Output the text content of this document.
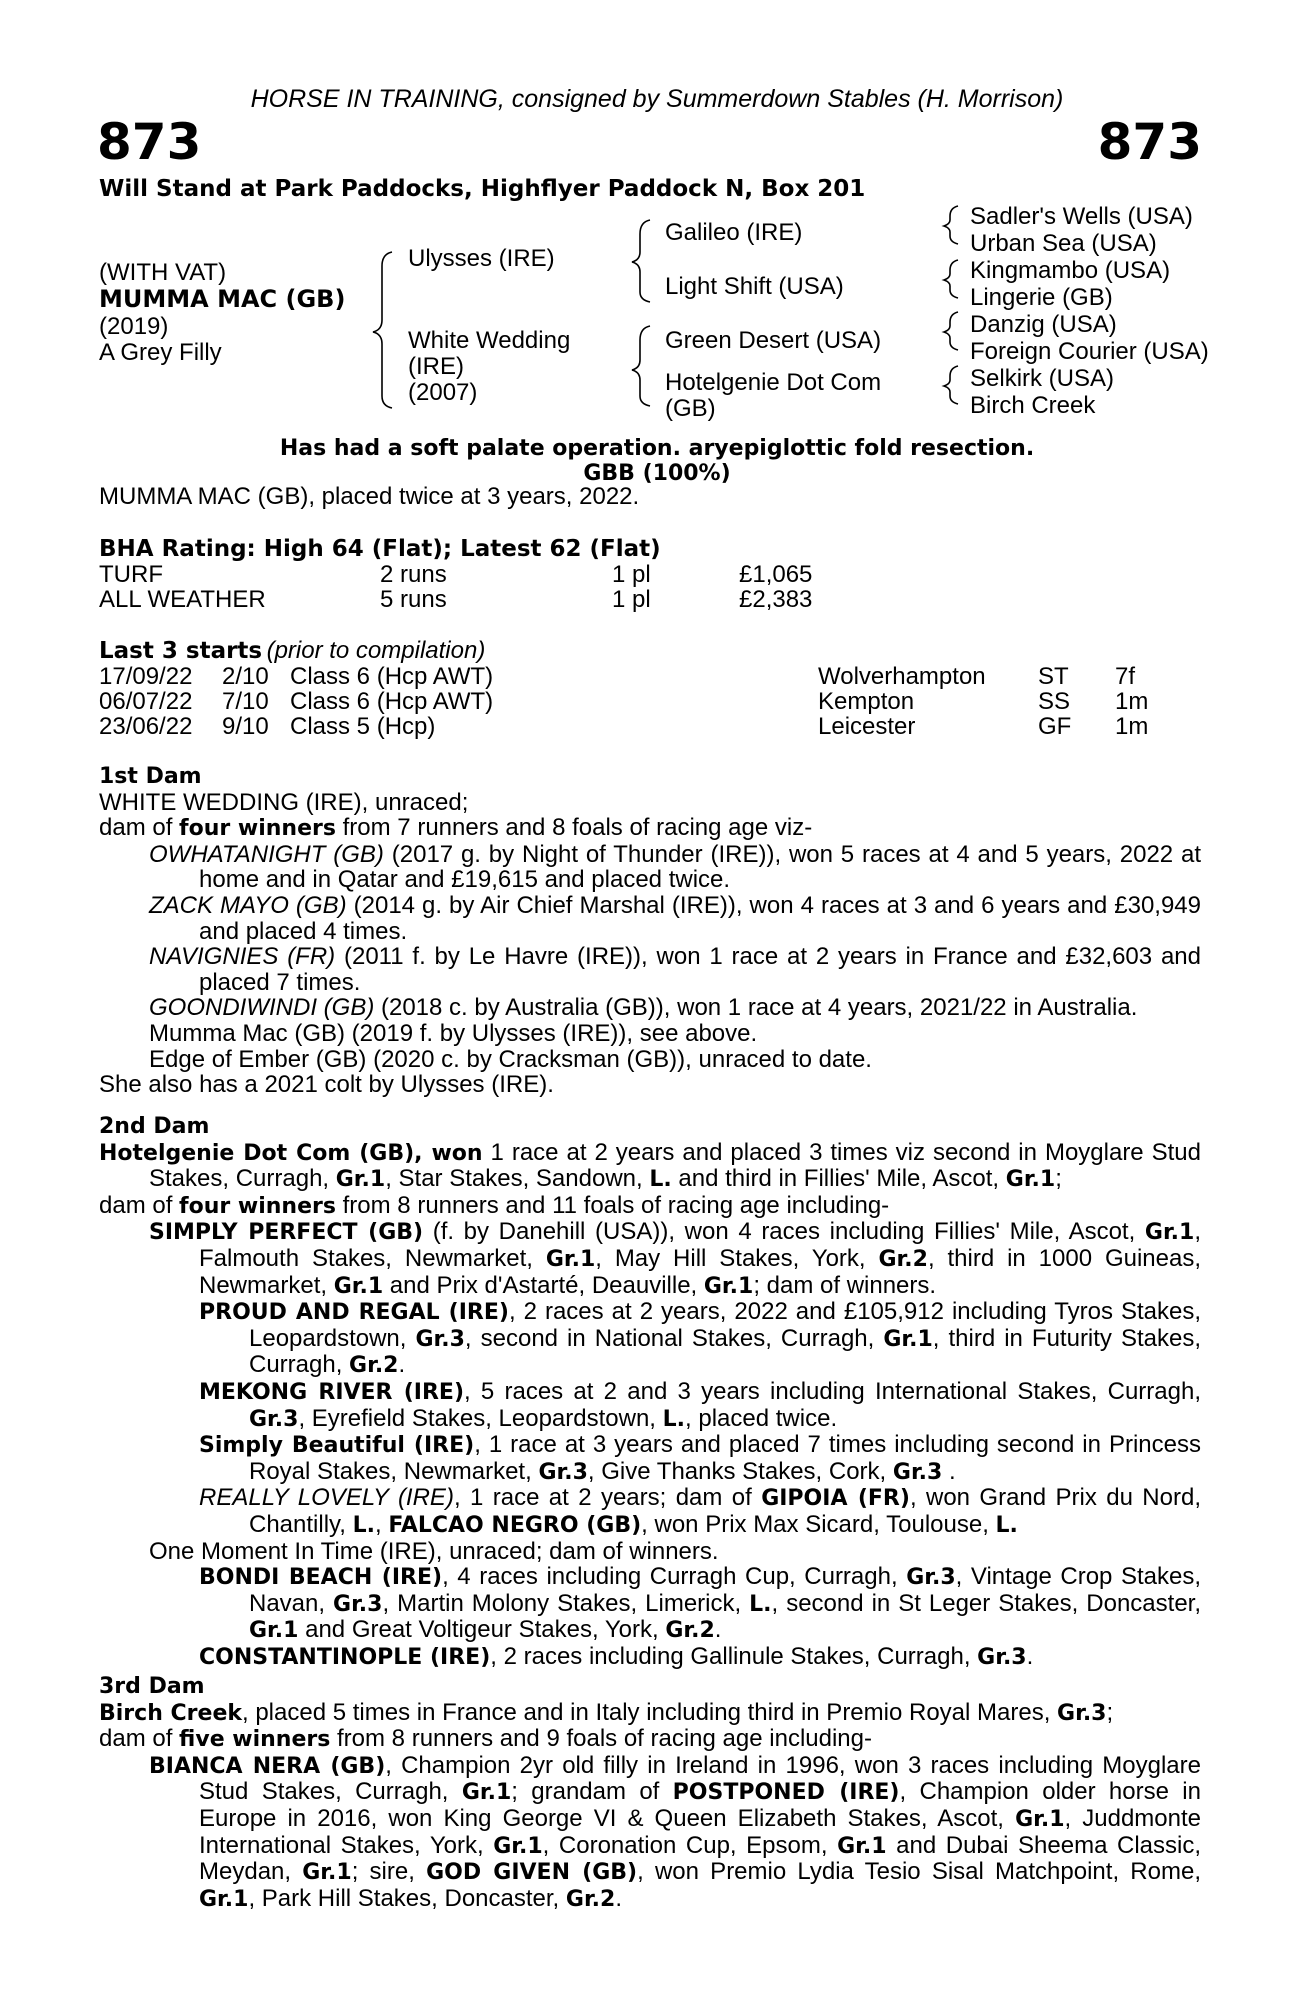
HORSE IN TRAINING, consigned by Summerdown Stables (H. Morrison)
873	873
Will Stand at Park Paddocks, Highflyer Paddock N, Box 201
(WITH VAT)
MUMMA MAC (GB)
(2019)
A Grey Filly
Ulysses (IRE)
White Wedding
(IRE)
(2007)
Galileo (IRE)
Light Shift (USA)
Green Desert (USA)
Hotelgenie Dot Com
(GB)
Sadler's Wells (USA)
Urban Sea (USA)
Kingmambo (USA)
Lingerie (GB)
Danzig (USA)
Foreign Courier (USA)
Selkirk (USA)
Birch Creek
Has had a soft palate operation. aryepiglottic fold resection.
GBB (100%)
MUMMA MAC (GB), placed twice at 3 years, 2022.
BHA Rating: High 64 (Flat); Latest 62 (Flat)
TURF	2 runs	1 pl	£1,065
ALL WEATHER	5 runs	1 pl	£2,383
Last 3 starts (prior to compilation)
17/09/22 2/10 Class 6 (Hcp AWT)	Wolverhampton ST 7f
06/07/22 7/10 Class 6 (Hcp AWT)	Kempton	SS 1m
23/06/22 9/10 Class 5 (Hcp)	Leicester	GF 1m

1st Dam

WHITE WEDDING (IRE), unraced;

dam of four winners from 7 runners and 8 foals of racing age viz-

OWHATANIGHT (GB) (2017 g. by Night of Thunder (IRE)), won 5 races at 4 and 5 years, 2022 at home and in Qatar and £19,615 and placed twice.

ZACK MAYO (GB) (2014 g. by Air Chief Marshal (IRE)), won 4 races at 3 and 6 years and £30,949 and placed 4 times.

NAVIGNIES (FR) (2011 f. by Le Havre (IRE)), won 1 race at 2 years in France and £32,603 and placed 7 times.

GOONDIWINDI (GB) (2018 c. by Australia (GB)), won 1 race at 4 years, 2021/22 in Australia.

Mumma Mac (GB) (2019 f. by Ulysses (IRE)), see above.

Edge of Ember (GB) (2020 c. by Cracksman (GB)), unraced to date.

She also has a 2021 colt by Ulysses (IRE).

2nd Dam

Hotelgenie Dot Com (GB), won 1 race at 2 years and placed 3 times viz second in Moyglare Stud Stakes, Curragh, Gr.1, Star Stakes, Sandown, L. and third in Fillies' Mile, Ascot, Gr.1;

dam of four winners from 8 runners and 11 foals of racing age including-

SIMPLY PERFECT (GB) (f. by Danehill (USA)), won 4 races including Fillies' Mile, Ascot, Gr.1, Falmouth Stakes, Newmarket, Gr.1, May Hill Stakes, York, Gr.2, third in 1000 Guineas, Newmarket, Gr.1 and Prix d'Astarté, Deauville, Gr.1; dam of winners.

PROUD AND REGAL (IRE), 2 races at 2 years, 2022 and £105,912 including Tyros Stakes, Leopardstown, Gr.3, second in National Stakes, Curragh, Gr.1, third in Futurity Stakes, Curragh, Gr.2.

MEKONG RIVER (IRE), 5 races at 2 and 3 years including International Stakes, Curragh, Gr.3, Eyrefield Stakes, Leopardstown, L., placed twice.

Simply Beautiful (IRE), 1 race at 3 years and placed 7 times including second in Princess Royal Stakes, Newmarket, Gr.3, Give Thanks Stakes, Cork, Gr.3 .

REALLY LOVELY (IRE), 1 race at 2 years; dam of GIPOIA (FR), won Grand Prix du Nord, Chantilly, L., FALCAO NEGRO (GB), won Prix Max Sicard, Toulouse, L.

One Moment In Time (IRE), unraced; dam of winners.

BONDI BEACH (IRE), 4 races including Curragh Cup, Curragh, Gr.3, Vintage Crop Stakes, Navan, Gr.3, Martin Molony Stakes, Limerick, L., second in St Leger Stakes, Doncaster, Gr.1 and Great Voltigeur Stakes, York, Gr.2.

CONSTANTINOPLE (IRE), 2 races including Gallinule Stakes, Curragh, Gr.3.

3rd Dam

Birch Creek, placed 5 times in France and in Italy including third in Premio Royal Mares, Gr.3;

dam of five winners from 8 runners and 9 foals of racing age including-

BIANCA NERA (GB), Champion 2yr old filly in Ireland in 1996, won 3 races including Moyglare Stud Stakes, Curragh, Gr.1; grandam of POSTPONED (IRE), Champion older horse in Europe in 2016, won King George VI & Queen Elizabeth Stakes, Ascot, Gr.1, Juddmonte International Stakes, York, Gr.1, Coronation Cup, Epsom, Gr.1 and Dubai Sheema Classic, Meydan, Gr.1; sire, GOD GIVEN (GB), won Premio Lydia Tesio Sisal Matchpoint, Rome, Gr.1, Park Hill Stakes, Doncaster, Gr.2.
